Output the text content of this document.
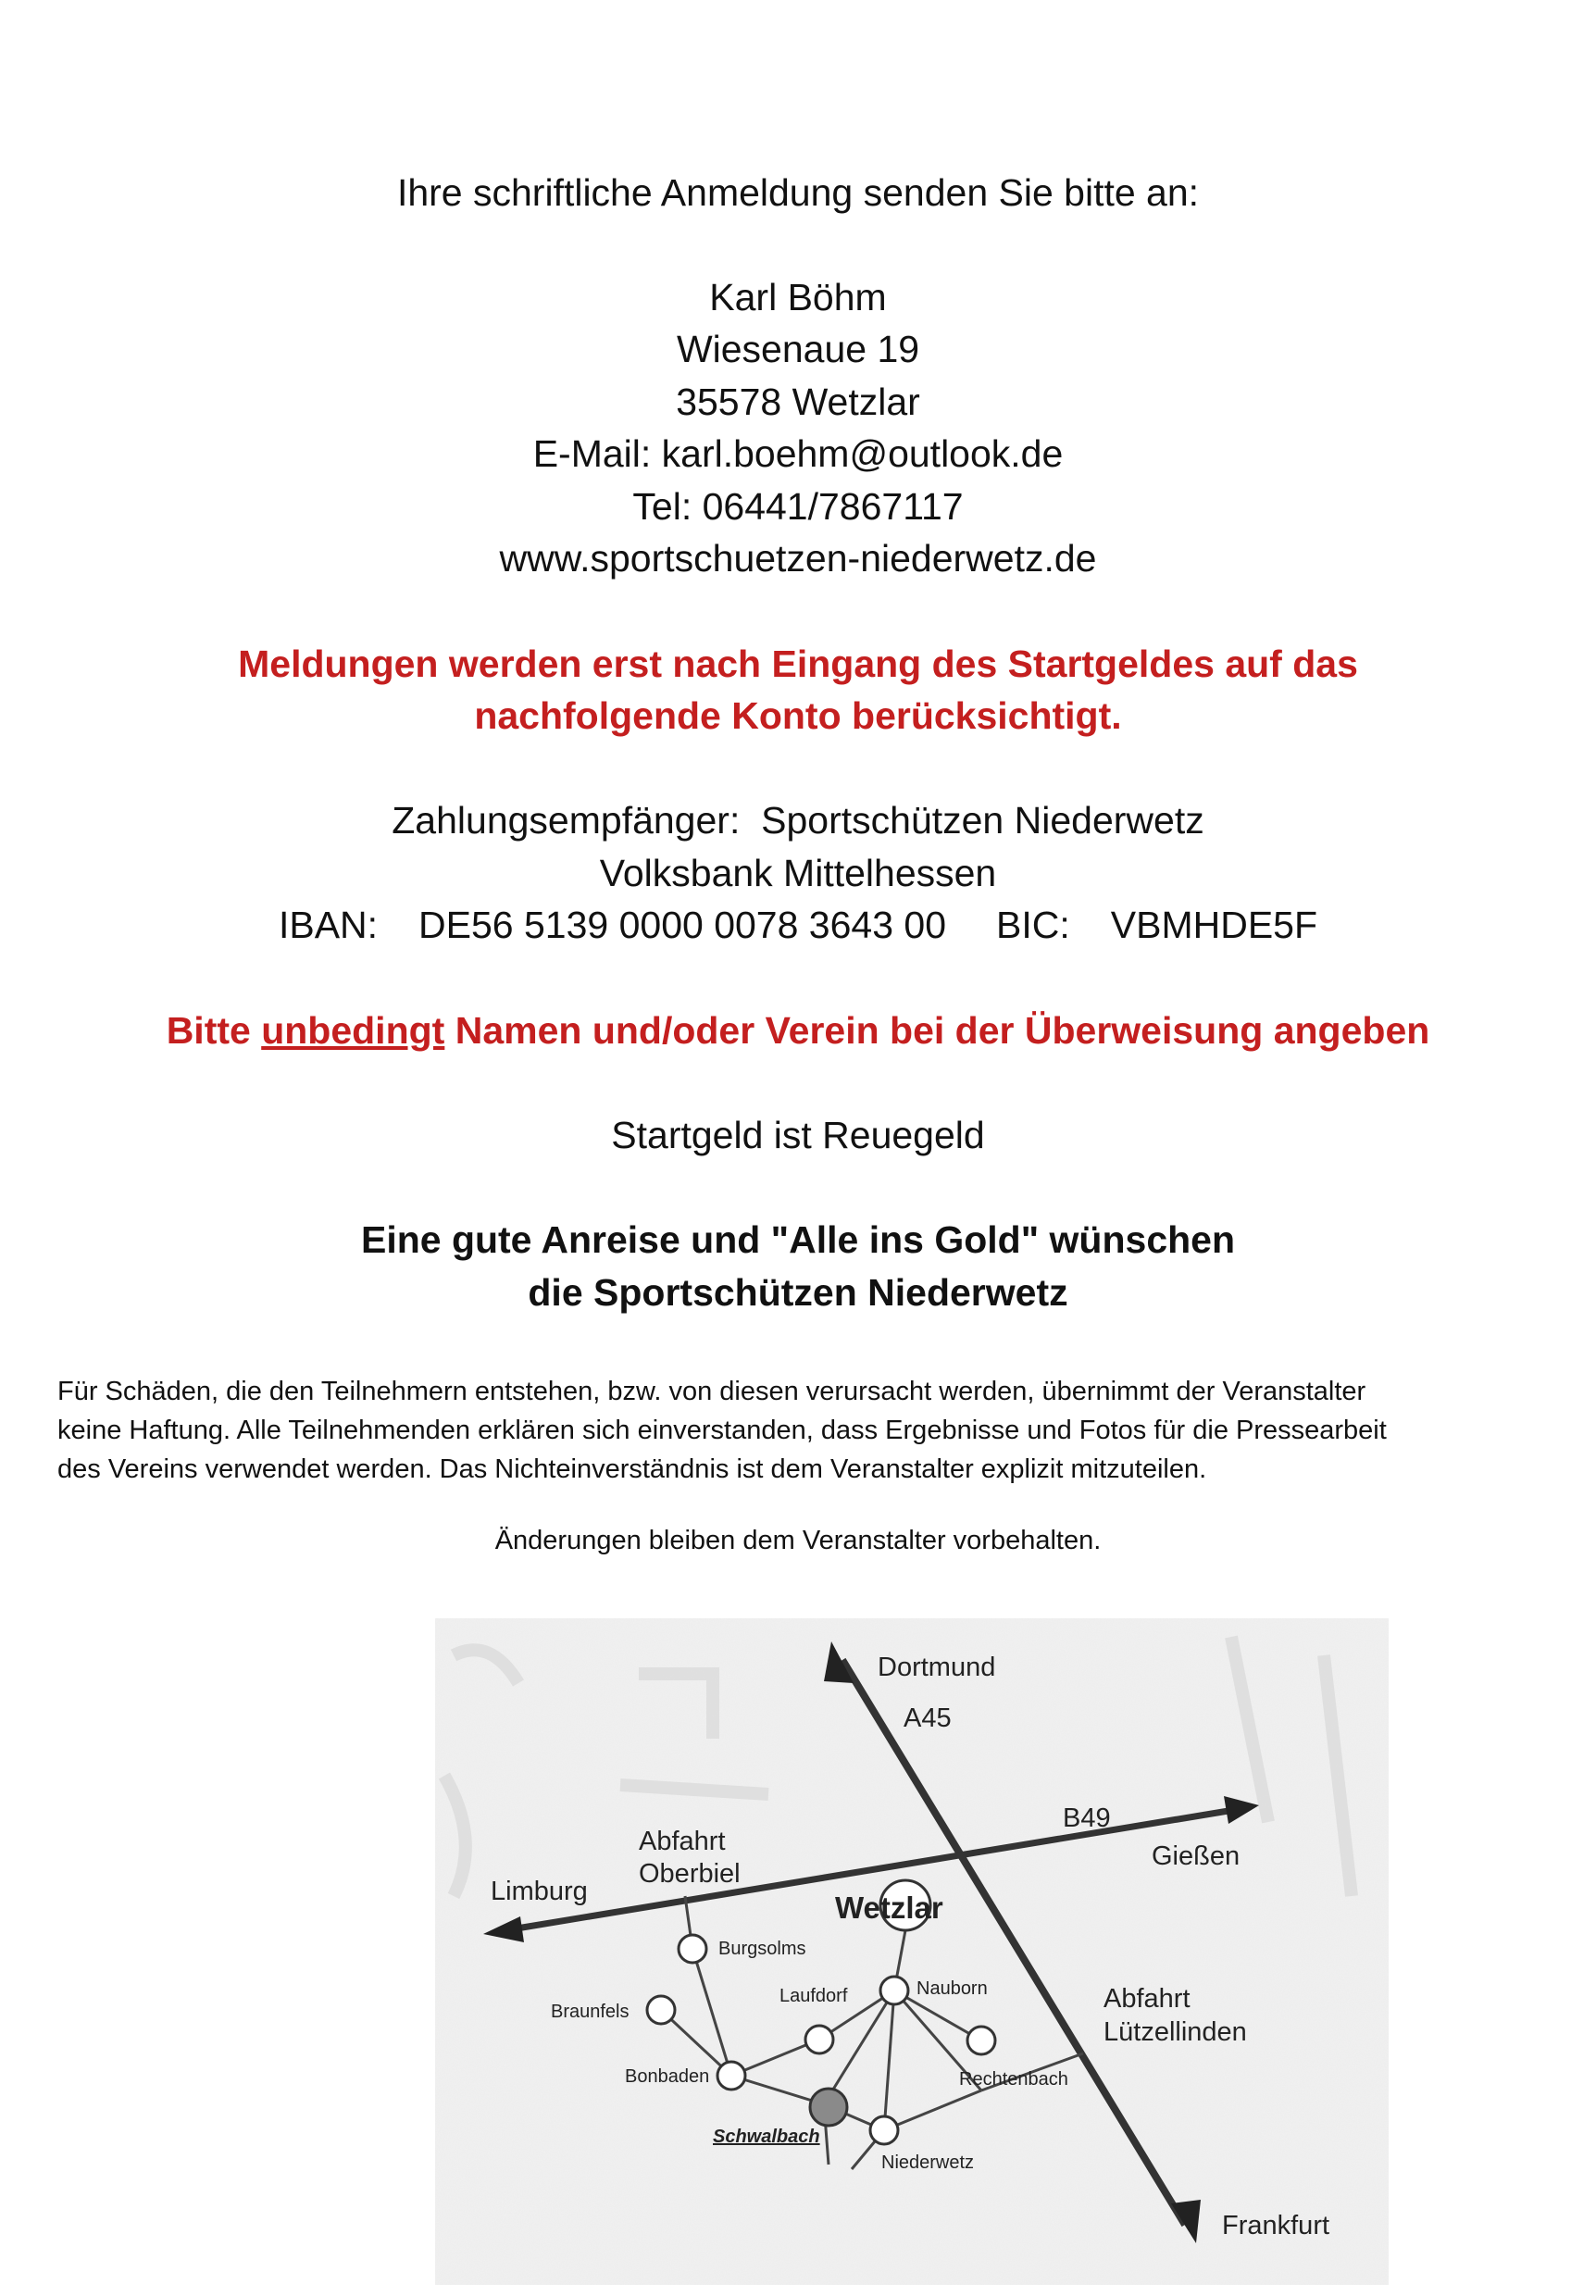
Ihre schriftliche Anmeldung senden Sie bitte an:
Karl Böhm
Wiesenaue 19
35578 Wetzlar
E-Mail: karl.boehm@outlook.de
Tel: 06441/7867117
www.sportschuetzen-niederwetz.de
Meldungen werden erst nach Eingang des Startgeldes auf das
nachfolgende Konto berücksichtigt.
Zahlungsempfänger: Sportschützen Niederwetz
Volksbank Mittelhessen
IBAN: DE56 5139 0000 0078 3643 00 BIC: VBMHDE5F
Bitte unbedingt Namen und/oder Verein bei der Überweisung angeben
Startgeld ist Reuegeld
Eine gute Anreise und "Alle ins Gold" wünschen
die Sportschützen Niederwetz
Für Schäden, die den Teilnehmern entstehen, bzw. von diesen verursacht werden, übernimmt der Veranstalter
keine Haftung. Alle Teilnehmenden erklären sich einverstanden, dass Ergebnisse und Fotos für die Pressearbeit
des Vereins verwendet werden. Das Nichteinverständnis ist dem Veranstalter explizit mitzuteilen.
Änderungen bleiben dem Veranstalter vorbehalten.
Dortmund
A45
B49
Gießen
Limburg
Abfahrt
Oberbiel
Wetzlar
Burgsolms
Braunfels
Laufdorf	Nauborn	Abfahrt
Lützellinden
Bonbaden	Rechtenbach
Schwalbach
Niederwetz
Frankfurt
